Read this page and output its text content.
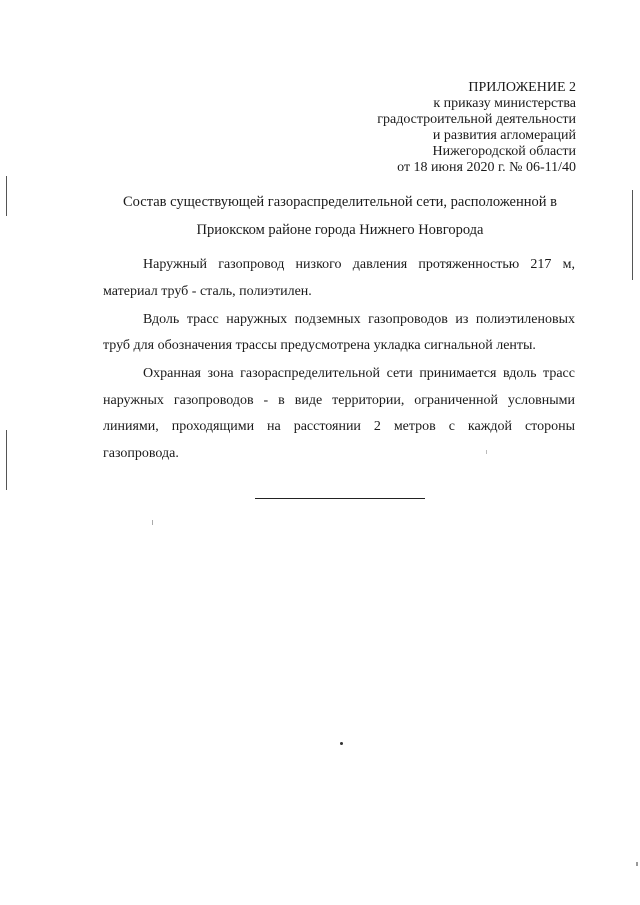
ПРИЛОЖЕНИЕ 2
к приказу министерства
градостроительной деятельности
и развития агломераций
Нижегородской области
от 18 июня 2020 г. № 06-11/40
Состав существующей газораспределительной сети, расположенной в
Приокском районе города Нижнего Новгорода

Наружный газопровод низкого давления протяженностью 217 м, материал труб - сталь, полиэтилен.

Вдоль трасс наружных подземных газопроводов из полиэтиленовых труб для обозначения трассы предусмотрена укладка сигнальной ленты.

Охранная зона газораспределительной сети принимается вдоль трасс наружных газопроводов - в виде территории, ограниченной условными линиями, проходящими на расстоянии 2 метров с каждой стороны газопровода.
